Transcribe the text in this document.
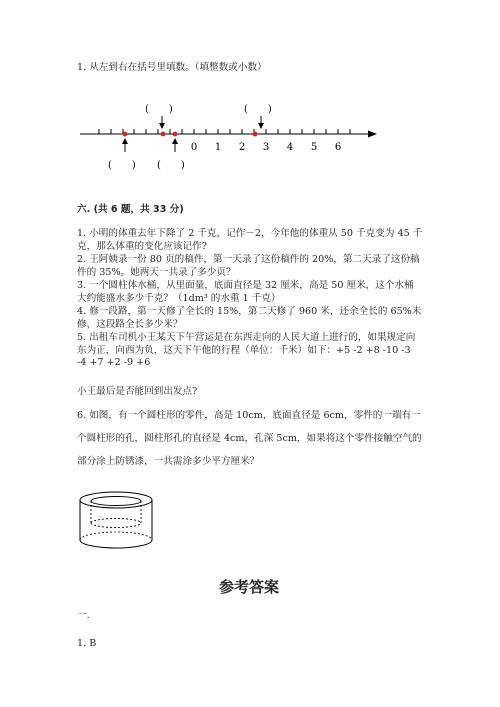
1. 从左到右在括号里填数。（填整数或小数）
(　　)	(　　)
(　　) (　　)
0 1 2 3 4 5 6
六. (共 6 题，共 33 分)
1. 小明的体重去年下降了 2 千克，记作－2，今年他的体重从 50 千克变为 45 千克，那么体重的变化应该记作?
2. 王阿姨录一份 80 页的稿件，第一天录了这份稿件的 20%，第二天录了这份稿件的 35%。她两天一共录了多少页？
3. 一个圆柱体水桶，从里面量，底面直径是 32 厘米，高是 50 厘米，这个水桶大约能盛水多少千克？（1dm³ 的水重 1 千克）
4. 修一段路，第一天修了全长的 15%，第二天修了 960 米，还余全长的 65%未修，这段路全长多少米？
5. 出租车司机小王某天下午营运是在东西走向的人民大道上进行的，如果规定向东为正，向西为负，这天下午他的行程（单位：千米）如下：+5 -2 +8 -10 -3 -4 +7 +2 -9 +6
小王最后是否能回到出发点?
6. 如图，有一个圆柱形的零件，高是 10cm，底面直径是 6cm，零件的一端有一
个圆柱形的孔，圆柱形孔的直径是 4cm，孔深 5cm，如果将这个零件接触空气的
部分涂上防锈漆，一共需涂多少平方厘米？
参考答案
一.
1. B
